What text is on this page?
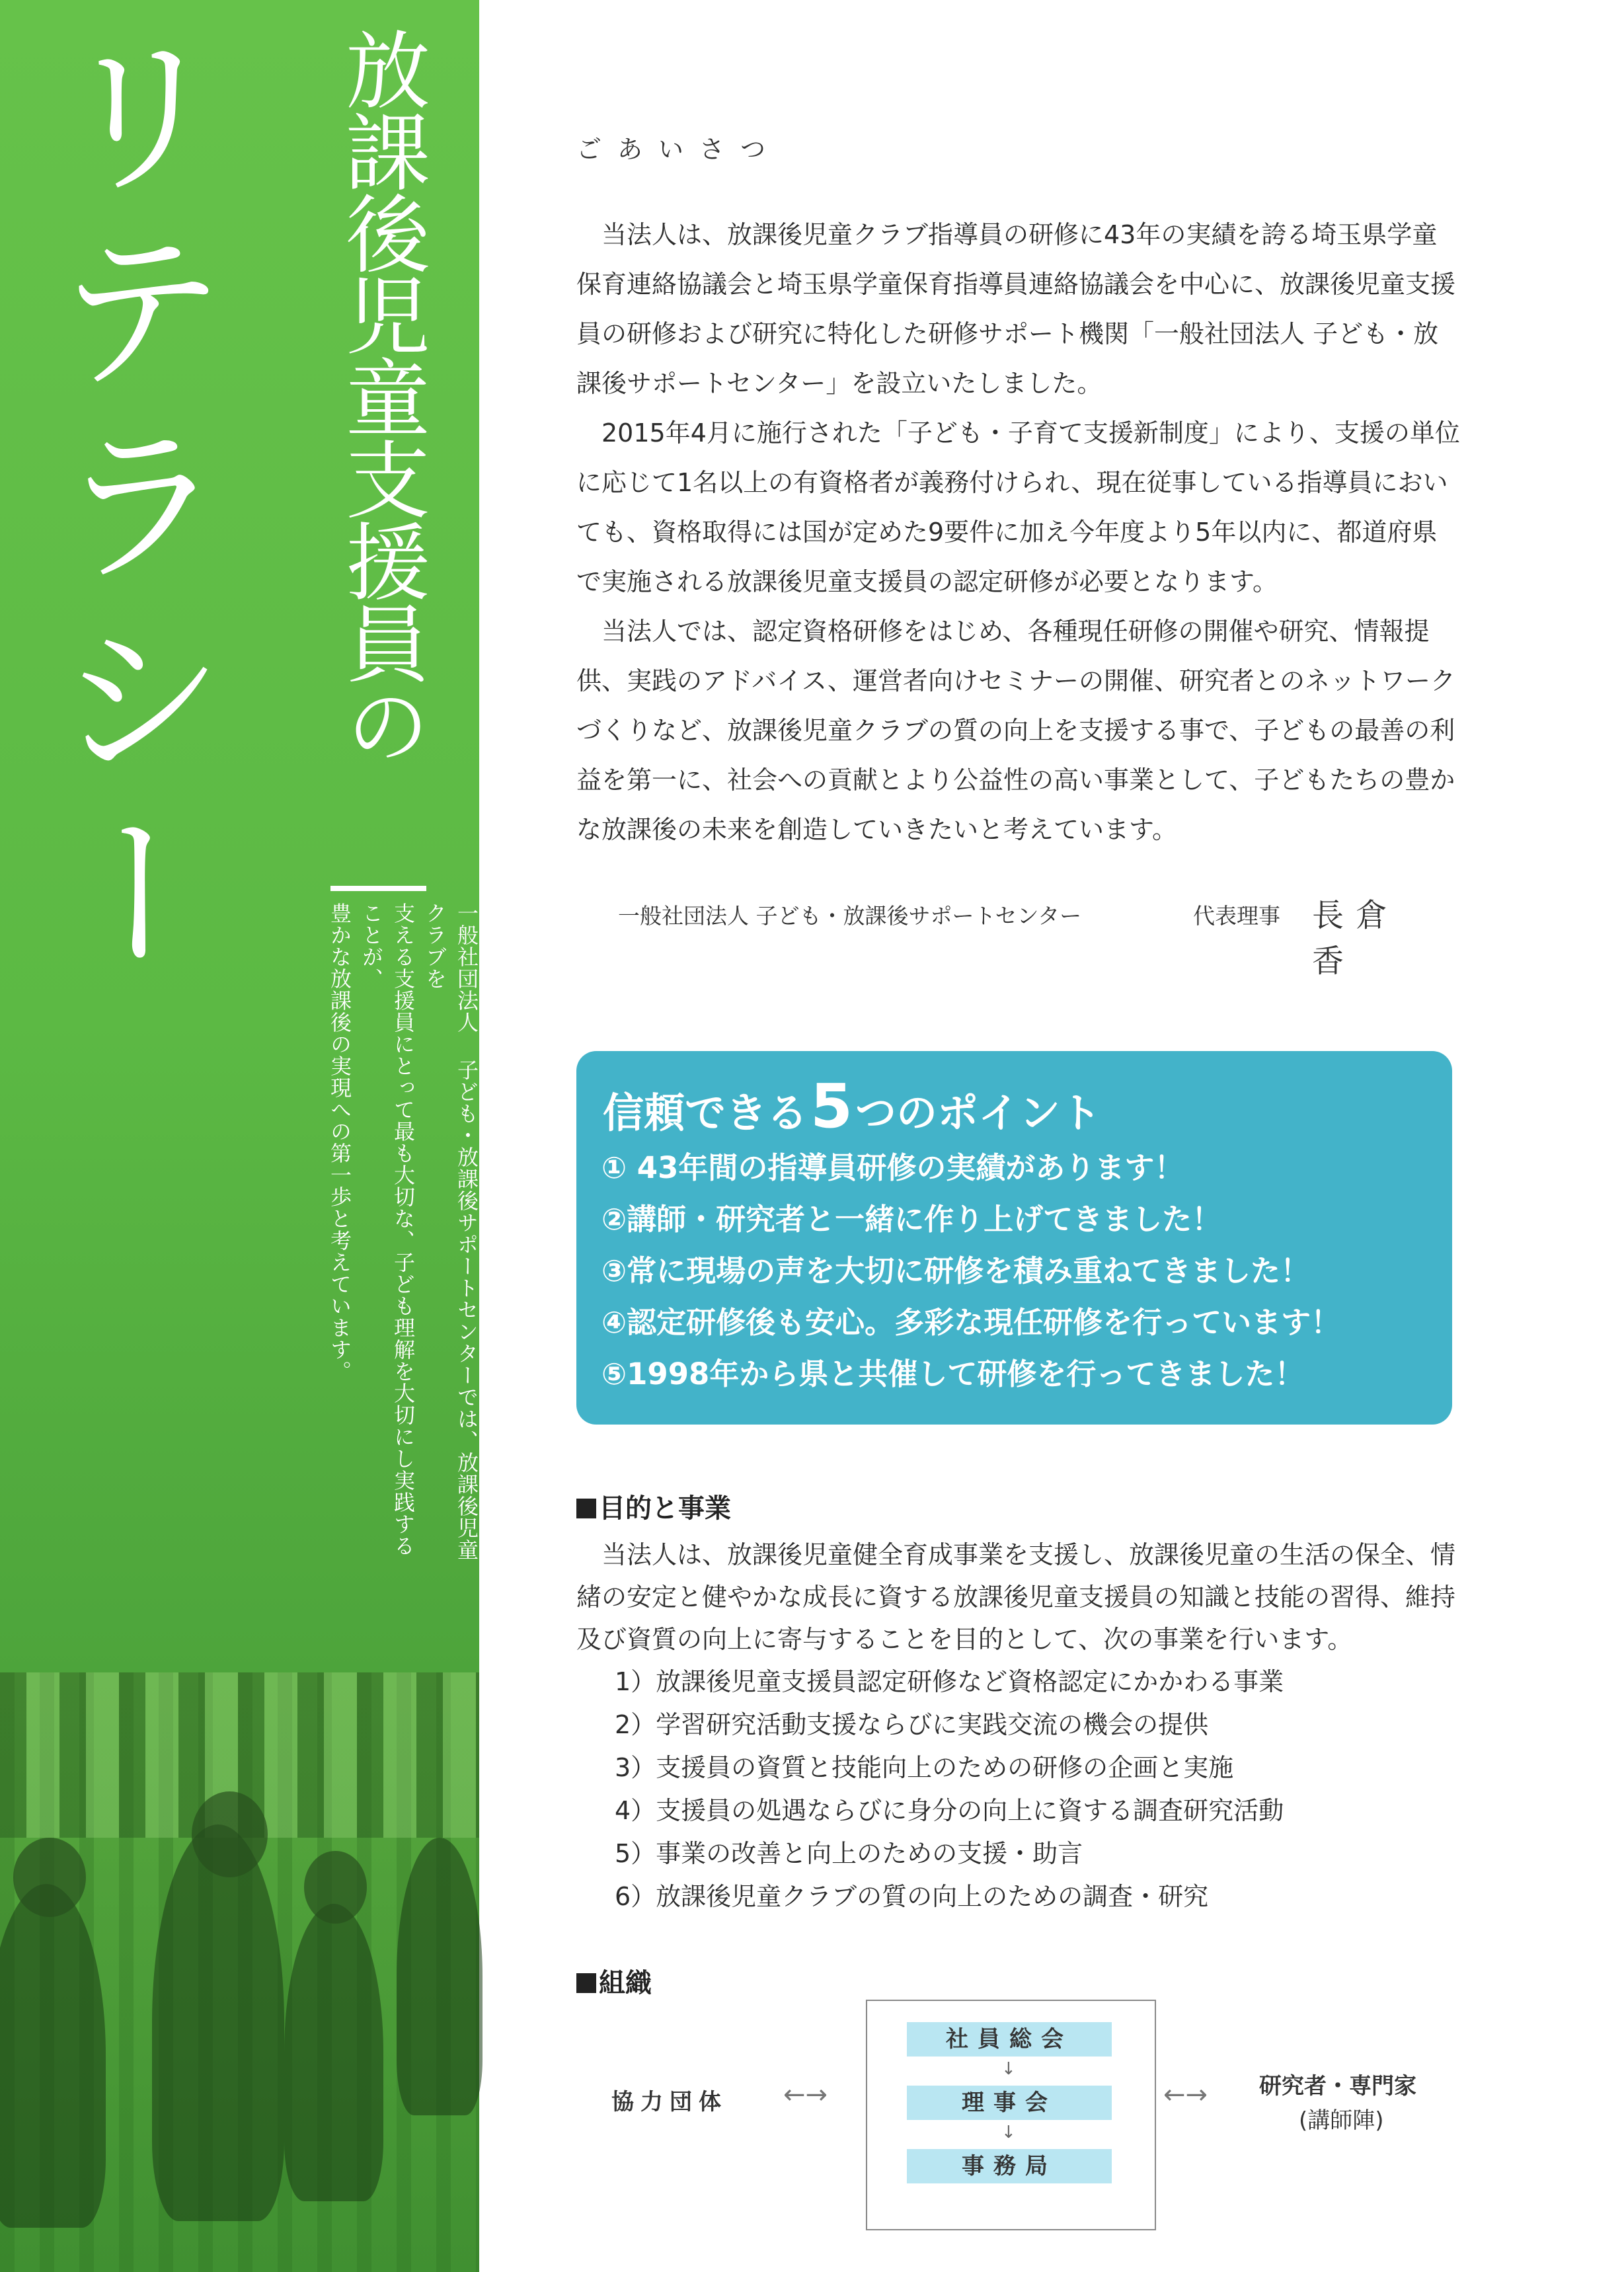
リテラシー 放課後児童支援員の
一般社団法人 子ども・放課後サポートセンターでは、放課後児童クラブを
支える支援員にとって最も大切な、子ども理解を大切にし実践することが、
豊かな放課後の実現への第一歩と考えています。
ごあいさつ

当法人は、放課後児童クラブ指導員の研修に43年の実績を誇る埼玉県学童保育連絡協議会と埼玉県学童保育指導員連絡協議会を中心に、放課後児童支援員の研修および研究に特化した研修サポート機関「一般社団法人 子ども・放課後サポートセンター」を設立いたしました。

2015年4月に施行された「子ども・子育て支援新制度」により、支援の単位に応じて1名以上の有資格者が義務付けられ、現在従事している指導員においても、資格取得には国が定めた9要件に加え今年度より5年以内に、都道府県で実施される放課後児童支援員の認定研修が必要となります。

当法人では、認定資格研修をはじめ、各種現任研修の開催や研究、情報提供、実践のアドバイス、運営者向けセミナーの開催、研究者とのネットワークづくりなど、放課後児童クラブの質の向上を支援する事で、子どもの最善の利益を第一に、社会への貢献とより公益性の高い事業として、子どもたちの豊かな放課後の未来を創造していきたいと考えています。

一般社団法人 子ども・放課後サポートセンター	代表理事 長倉 香
信頼できる5つのポイント
① 43年間の指導員研修の実績があります！
②講師・研究者と一緒に作り上げてきました！
③常に現場の声を大切に研修を積み重ねてきました！
④認定研修後も安心。多彩な現任研修を行っています！
⑤1998年から県と共催して研修を行ってきました！
目的と事業

当法人は、放課後児童健全育成事業を支援し、放課後児童の生活の保全、情緒の安定と健やかな成長に資する放課後児童支援員の知識と技能の習得、維持及び資質の向上に寄与することを目的として、次の事業を行います。

1）放課後児童支援員認定研修など資格認定にかかわる事業
2）学習研究活動支援ならびに実践交流の機会の提供
3）支援員の資質と技能向上のための研修の企画と実施
4）支援員の処遇ならびに身分の向上に資する調査研究活動
5）事業の改善と向上のための支援・助言
6）放課後児童クラブの質の向上のための調査・研究
組織
協力団体 ←→
社員総会
↓
理事会
↓
事務局
←→ 研究者・専門家
(講師陣)
